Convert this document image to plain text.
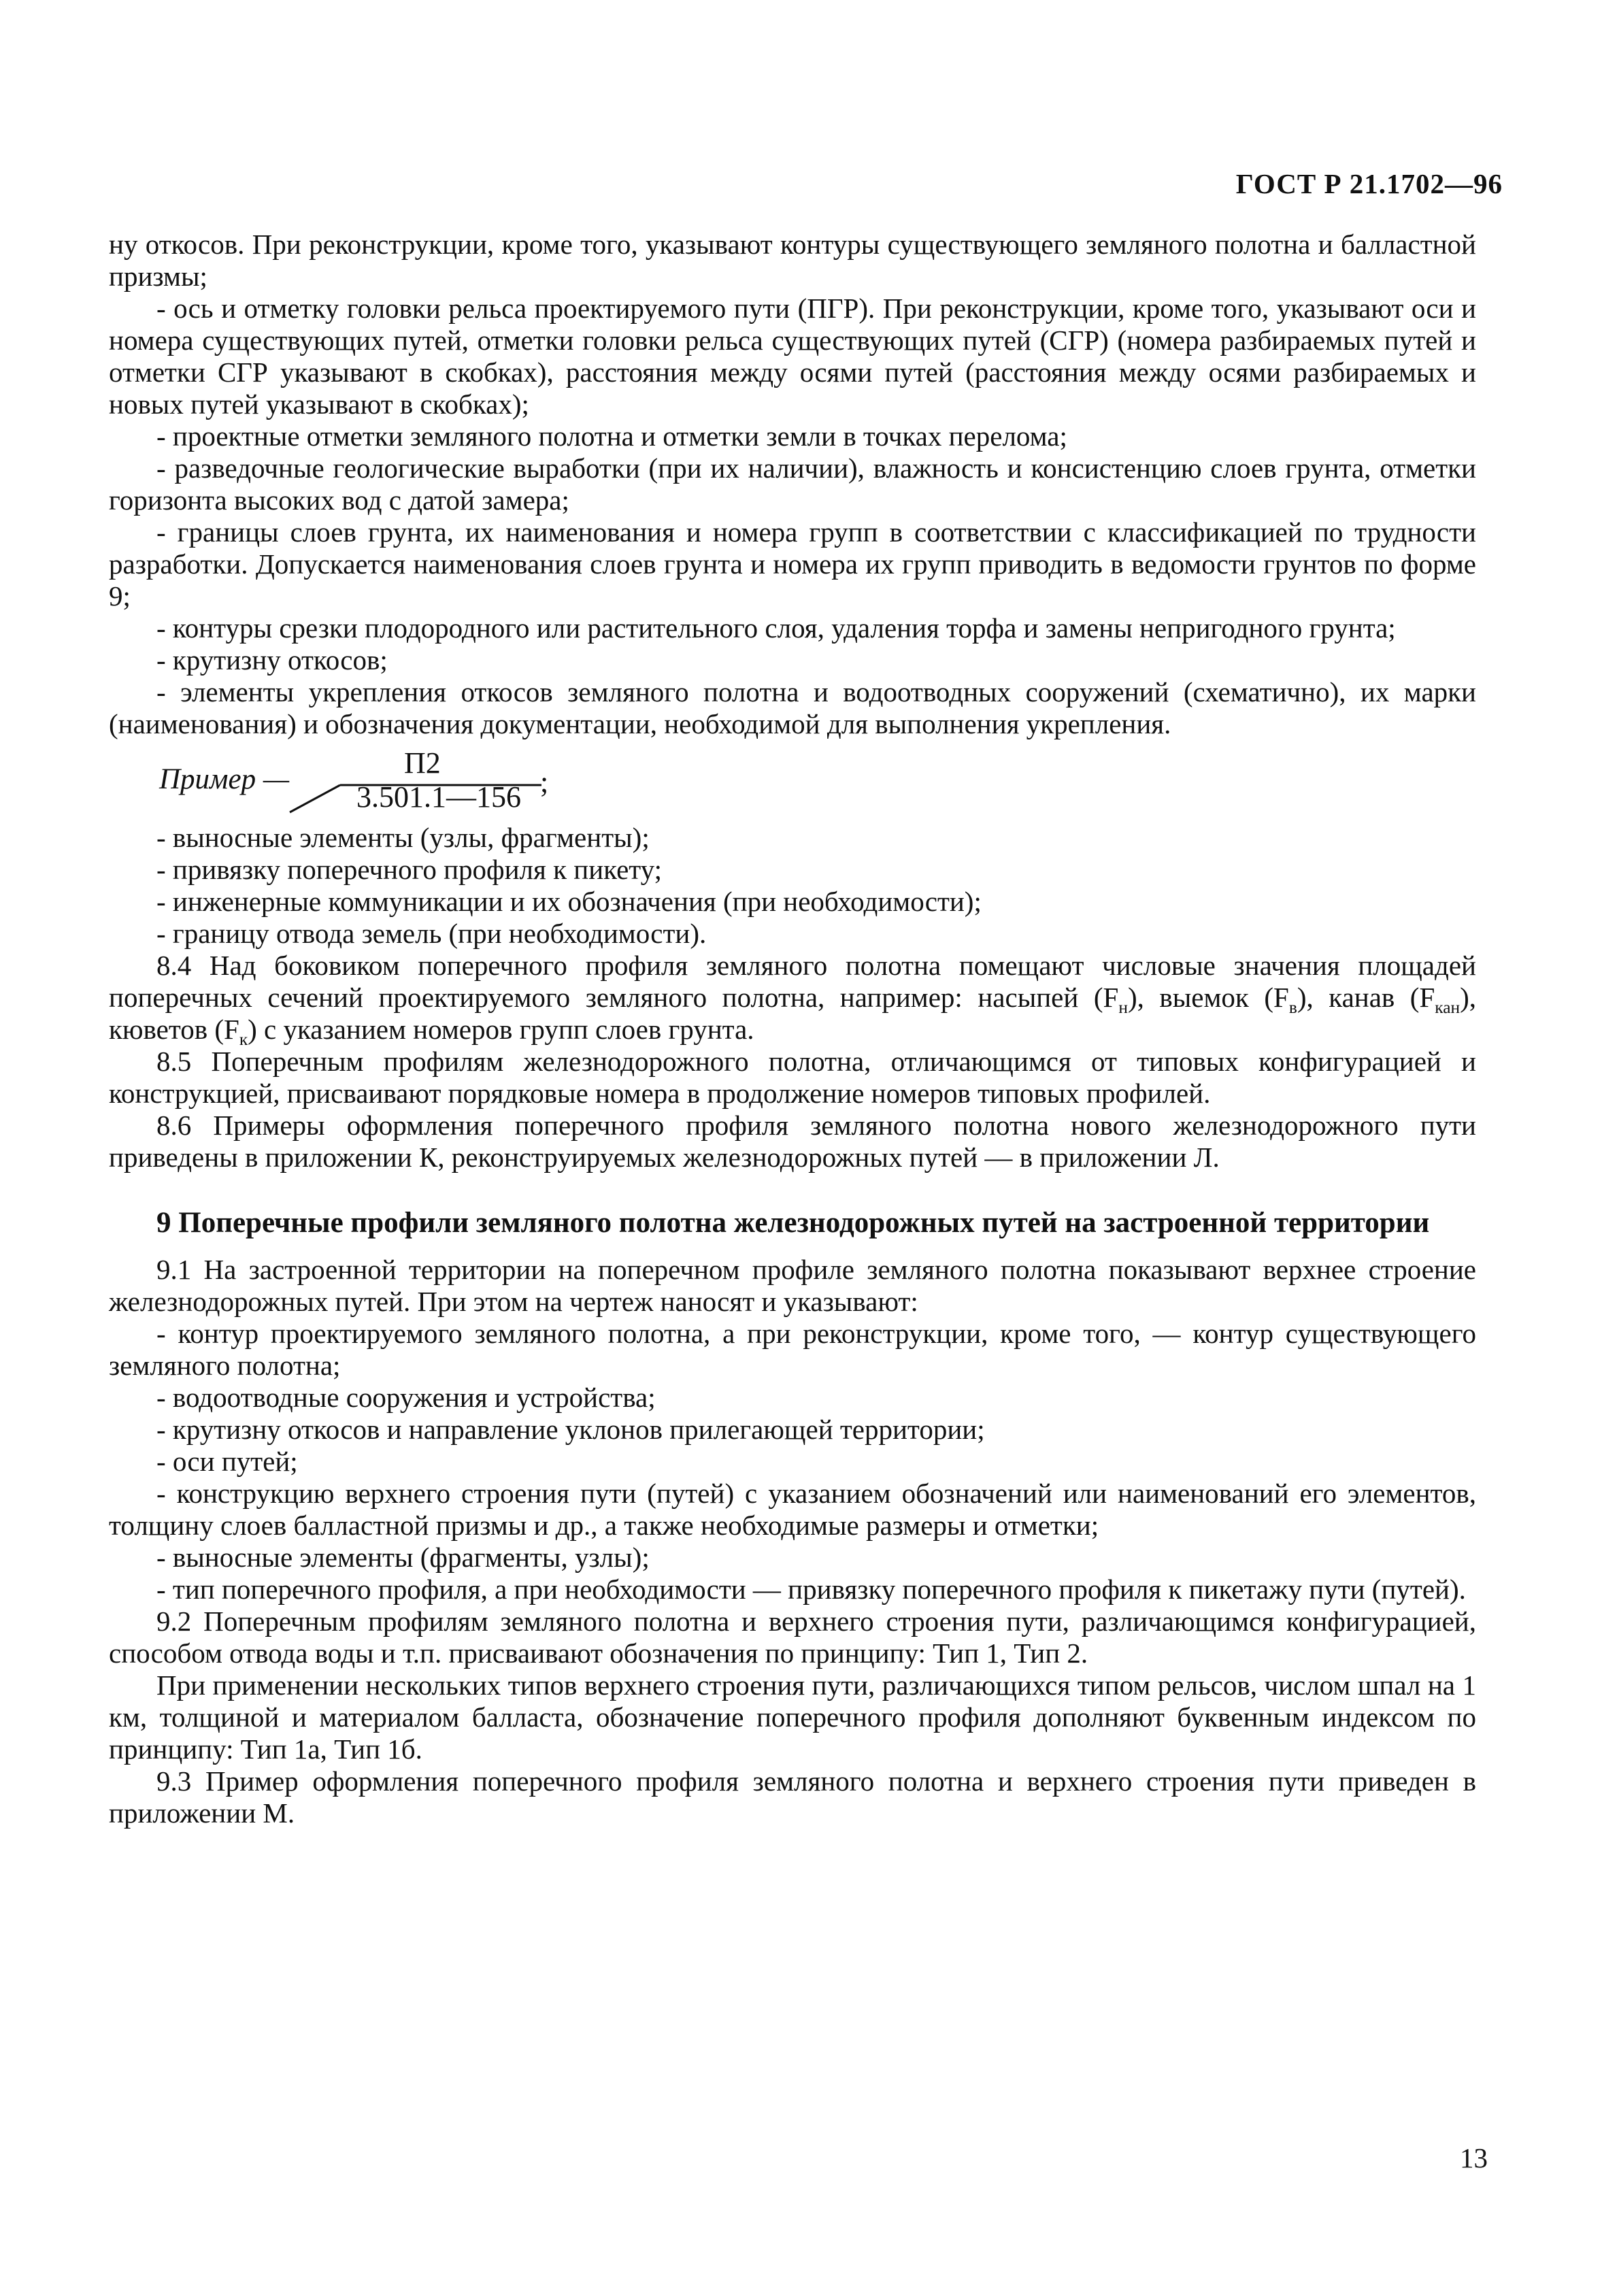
ГОСТ Р 21.1702—96

ну откосов. При реконструкции, кроме того, указывают контуры существующего земляного полотна и балластной призмы;

- ось и отметку головки рельса проектируемого пути (ПГР). При реконструкции, кроме того, указывают оси и номера существующих путей, отметки головки рельса существующих путей (СГР) (номера разбираемых путей и отметки СГР указывают в скобках), расстояния между осями путей (расстояния между осями разбираемых и новых путей указывают в скобках);

- проектные отметки земляного полотна и отметки земли в точках перелома;

- разведочные геологические выработки (при их наличии), влажность и консистенцию слоев грунта, отметки горизонта высоких вод с датой замера;

- границы слоев грунта, их наименования и номера групп в соответствии с классификацией по трудности разработки. Допускается наименования слоев грунта и номера их групп приводить в ведомости грунтов по форме 9;

- контуры срезки плодородного или растительного слоя, удаления торфа и замены непригодного грунта;

- крутизну откосов;

- элементы укрепления откосов земляного полотна и водоотводных сооружений (схематично), их марки (наименования) и обозначения документации, необходимой для выполнения укрепления.

Пример —	П2
3.501.1—156 ;

- выносные элементы (узлы, фрагменты);

- привязку поперечного профиля к пикету;

- инженерные коммуникации и их обозначения (при необходимости);

- границу отвода земель (при необходимости).

8.4 Над боковиком поперечного профиля земляного полотна помещают числовые значения площадей поперечных сечений проектируемого земляного полотна, например: насыпей $(F_н)$, выемок $(F_в)$, канав $(F_{кан})$, кюветов $(F_к)$ с указанием номеров групп слоев грунта.

8.5 Поперечным профилям железнодорожного полотна, отличающимся от типовых конфигурацией и конструкцией, присваивают порядковые номера в продолжение номеров типовых профилей.

8.6 Примеры оформления поперечного профиля земляного полотна нового железнодорожного пути приведены в приложении К, реконструируемых железнодорожных путей — в приложении Л.

9 Поперечные профили земляного полотна железнодорожных путей на застроенной территории

9.1 На застроенной территории на поперечном профиле земляного полотна показывают верхнее строение железнодорожных путей. При этом на чертеж наносят и указывают:

- контур проектируемого земляного полотна, а при реконструкции, кроме того, — контур существующего земляного полотна;

- водоотводные сооружения и устройства;

- крутизну откосов и направление уклонов прилегающей территории;

- оси путей;

- конструкцию верхнего строения пути (путей) с указанием обозначений или наименований его элементов, толщину слоев балластной призмы и др., а также необходимые размеры и отметки;

- выносные элементы (фрагменты, узлы);

- тип поперечного профиля, а при необходимости — привязку поперечного профиля к пикетажу пути (путей).

9.2 Поперечным профилям земляного полотна и верхнего строения пути, различающимся конфигурацией, способом отвода воды и т.п. присваивают обозначения по принципу: Тип 1, Тип 2.

При применении нескольких типов верхнего строения пути, различающихся типом рельсов, числом шпал на 1 км, толщиной и материалом балласта, обозначение поперечного профиля дополняют буквенным индексом по принципу: Тип 1а, Тип 1б.

9.3 Пример оформления поперечного профиля земляного полотна и верхнего строения пути приведен в приложении М.

13
